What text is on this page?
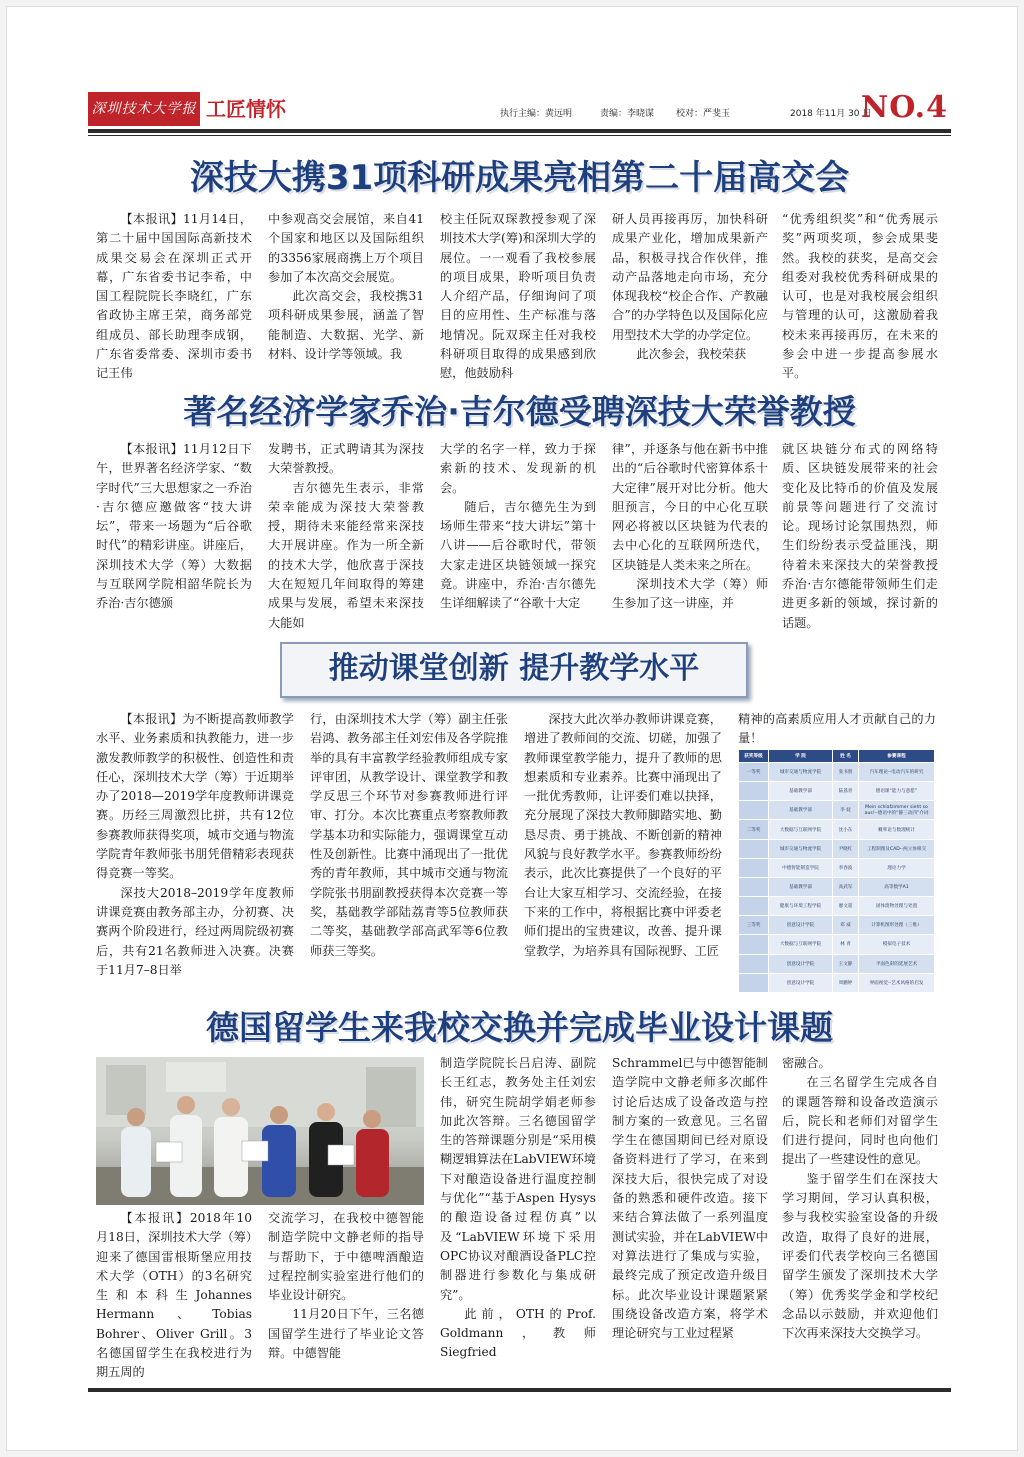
深圳技术大学报 工匠情怀	执行主编：黄远明	责编：李晓谋 校对：严斐玉	2018 年11月 30 日
NO.4
深技大携31项科研成果亮相第二十届高交会

【本报讯】11月14日，第二十届中国国际高新技术成果交易会在深圳正式开幕，广东省委书记李希，中国工程院院长李晓红，广东省政协主席王荣，商务部党组成员、部长助理李成钢，广东省委常委、深圳市委书记王伟

中参观高交会展馆，来自41个国家和地区以及国际组织的3356家展商携上万个项目参加了本次高交会展览。

此次高交会，我校携31项科研成果参展，涵盖了智能制造、大数据、光学、新材料、设计学等领域。我

校主任阮双琛教授参观了深圳技术大学(筹)和深圳大学的展位。一一观看了我校参展的项目成果，聆听项目负责人介绍产品，仔细询问了项目的应用性、生产标准与落地情况。阮双琛主任对我校科研项目取得的成果感到欣慰，他鼓励科

研人员再接再厉，加快科研成果产业化，增加成果新产品，积极寻找合作伙伴，推动产品落地走向市场，充分体现我校“校企合作、产教融合”的办学特色以及国际化应用型技术大学的办学定位。

此次参会，我校荣获

“优秀组织奖”和“优秀展示奖”两项奖项，参会成果斐然。我校的获奖，是高交会组委对我校优秀科研成果的认可，也是对我校展会组织与管理的认可，这激励着我校未来再接再厉，在未来的参会中进一步提高参展水平。

著名经济学家乔治·吉尔德受聘深技大荣誉教授

【本报讯】11月12日下午，世界著名经济学家、“数字时代”三大思想家之一乔治·吉尔德应邀做客“技大讲坛”，带来一场题为“后谷歌时代”的精彩讲座。讲座后，深圳技术大学（筹）大数据与互联网学院相韶华院长为乔治·吉尔德颁

发聘书，正式聘请其为深技大荣誉教授。

吉尔德先生表示，非常荣幸能成为深技大荣誉教授，期待未来能经常来深技大开展讲座。作为一所全新的技术大学，他欣喜于深技大在短短几年间取得的筹建成果与发展，希望未来深技大能如

大学的名字一样，致力于探索新的技术、发现新的机会。

随后，吉尔德先生为到场师生带来“技大讲坛”第十八讲——后谷歌时代，带领大家走进区块链领域一探究竟。讲座中，乔治·吉尔德先生详细解读了“谷歌十大定

律”，并逐条与他在新书中推出的“后谷歌时代密算体系十大定律”展开对比分析。他大胆预言，今日的中心化互联网必将被以区块链为代表的去中心化的互联网所迭代，区块链是人类未来之所在。

深圳技术大学（筹）师生参加了这一讲座，并

就区块链分布式的网络特质、区块链发展带来的社会变化及比特币的价值及发展前景等问题进行了交流讨论。现场讨论氛围热烈，师生们纷纷表示受益匪浅，期待着未来深技大的荣誉教授乔治·吉尔德能带领师生们走进更多新的领域，探讨新的话题。

推动课堂创新 提升教学水平

【本报讯】为不断提高教师教学水平、业务素质和执教能力，进一步激发教师教学的积极性、创造性和责任心，深圳技术大学（筹）于近期举办了2018—2019学年度教师讲课竞赛。历经三周激烈比拼，共有12位参赛教师获得奖项，城市交通与物流学院青年教师张书朋凭借精彩表现获得竞赛一等奖。

深技大2018–2019学年度教师讲课竞赛由教务部主办，分初赛、决赛两个阶段进行，经过两周院级初赛后，共有21名教师进入决赛。决赛于11月7–8日举

行，由深圳技术大学（筹）副主任张岩鸿、教务部主任刘宏伟及各学院推举的具有丰富教学经验教师组成专家评审团，从教学设计、课堂教学和教学反思三个环节对参赛教师进行评审、打分。本次比赛重点考察教师教学基本功和实际能力，强调课堂互动性及创新性。比赛中涌现出了一批优秀的青年教师，其中城市交通与物流学院张书朋副教授获得本次竞赛一等奖，基础教学部陆荔青等5位教师获二等奖，基础教学部高武军等6位教师获三等奖。

深技大此次举办教师讲课竞赛，增进了教师间的交流、切磋，加强了教师课堂教学能力，提升了教师的思想素质和专业素养。比赛中涌现出了一批优秀教师，让评委们难以抉择，充分展现了深技大教师脚踏实地、勤恳尽责、勇于挑战、不断创新的精神风貌与良好教学水平。参赛教师纷纷表示，此次比赛提供了一个良好的平台让大家互相学习、交流经验，在接下来的工作中，将根据比赛中评委老师们提出的宝贵建议，改善、提升课堂教学，为培养具有国际视野、工匠

精神的高素质应用人才贡献自己的力量！

获奖等级	学 院	姓 名	参赛课程
一等奖	城市交通与物流学院	张书朋	汽车理论--电动汽车的研究
	基础教学部	陆荔青	德语课“能力与意愿”
	基础教学部	李 妩	Mein schlafzimmer sieht so aus!--德语中的“静三动四”介词
二等奖	大数据与互联网学院	沈小东	概率论与数理统计
	城市交通与物流学院	尹晓红	工程制图及CAD--两立体相交
	中德智能制造学院	李春波	理论力学
	基础教学部	高武军	高等数学A1
	健康与环境工程学院	廖文超	固体废物处理与处置
三等奖	创意设计学院	邓 威	计算机图形处理（三维）
	大数据与互联网学院	林 青	模拟电子技术
	创意设计学院	王文静	平面色彩的延展艺术
	创意设计学院	周鹏婷	界面视觉--艺术风格的启发
德国留学生来我校交换并完成毕业设计课题

【本报讯】2018年10月18日，深圳技术大学（筹）迎来了德国雷根斯堡应用技术大学（OTH）的3名研究生和本科生Johannes Hermann、Tobias Bohrer、Oliver Grill。3名德国留学生在我校进行为期五周的

交流学习，在我校中德智能制造学院中文静老师的指导与帮助下，于中德啤酒酿造过程控制实验室进行他们的毕业设计研究。

11月20日下午，三名德国留学生进行了毕业论文答辩。中德智能

制造学院院长吕启涛、副院长王红志，教务处主任刘宏伟，研究生院胡学娟老师参加此次答辩。三名德国留学生的答辩课题分别是“采用模糊逻辑算法在LabVIEW环境下对酿造设备进行温度控制与优化”“基于Aspen Hysys的酿造设备过程仿真”以及“LabVIEW环境下采用OPC协议对酿酒设备PLC控制器进行参数化与集成研究”。

此前，OTH的Prof. Goldmann，教师Siegfried

Schrammel已与中德智能制造学院中文静老师多次邮件讨论后达成了设备改造与控制方案的一致意见。三名留学生在德国期间已经对原设备资料进行了学习，在来到深技大后，很快完成了对设备的熟悉和硬件改造。接下来结合算法做了一系列温度测试实验，并在LabVIEW中对算法进行了集成与实验，最终完成了预定改造升级目标。此次毕业设计课题紧紧围绕设备改造方案，将学术理论研究与工业过程紧

密融合。

在三名留学生完成各自的课题答辩和设备改造演示后，院长和老师们对留学生们进行提问，同时也向他们提出了一些建设性的意见。

鉴于留学生们在深技大学习期间，学习认真积极，参与我校实验室设备的升级改造，取得了良好的进展，评委们代表学校向三名德国留学生颁发了深圳技术大学（筹）优秀奖学金和学校纪念品以示鼓励，并欢迎他们下次再来深技大交换学习。
